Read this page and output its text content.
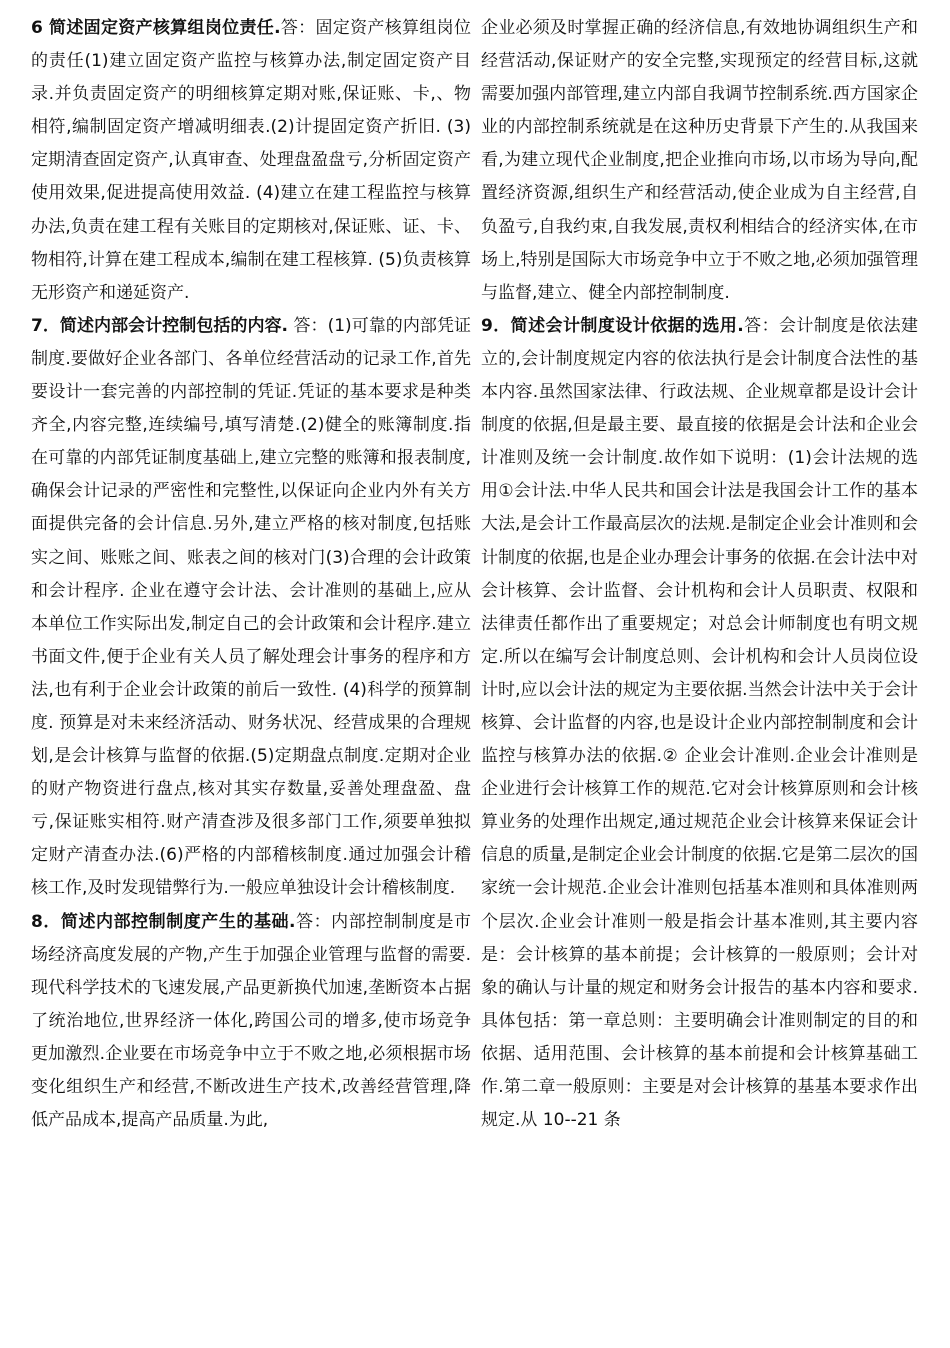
6 简述固定资产核算组岗位责任.答：固定资产核算组岗位的责任(1)建立固定资产监控与核算办法,制定固定资产目录.并负责固定资产的明细核算定期对账,保证账、卡,、物相符,编制固定资产增减明细表.(2)计提固定资产折旧. (3)定期清查固定资产,认真审查、处理盘盈盘亏,分析固定资产使用效果,促进提高使用效益. (4)建立在建工程监控与核算办法,负责在建工程有关账目的定期核对,保证账、证、卡、物相符,计算在建工程成本,编制在建工程核算. (5)负责核算无形资产和递延资产.

7．简述内部会计控制包括的内容. 答：(1)可靠的内部凭证制度.要做好企业各部门、各单位经营活动的记录工作,首先要设计一套完善的内部控制的凭证.凭证的基本要求是种类齐全,内容完整,连续编号,填写清楚.(2)健全的账簿制度.指在可靠的内部凭证制度基础上,建立完整的账簿和报表制度,确保会计记录的严密性和完整性,以保证向企业内外有关方面提供完备的会计信息.另外,建立严格的核对制度,包括账实之间、账账之间、账表之间的核对门(3)合理的会计政策和会计程序. 企业在遵守会计法、会计准则的基础上,应从本单位工作实际出发,制定自己的会计政策和会计程序.建立书面文件,便于企业有关人员了解处理会计事务的程序和方法,也有利于企业会计政策的前后一致性. (4)科学的预算制度. 预算是对未来经济活动、财务状况、经营成果的合理规划,是会计核算与监督的依据.(5)定期盘点制度.定期对企业的财产物资进行盘点,核对其实存数量,妥善处理盘盈、盘亏,保证账实相符.财产清查涉及很多部门工作,须要单独拟定财产清查办法.(6)严格的内部稽核制度.通过加强会计稽核工作,及时发现错弊行为.一般应单独设计会计稽核制度.

8．简述内部控制制度产生的基础.答：内部控制制度是市场经济高度发展的产物,产生于加强企业管理与监督的需要.现代科学技术的飞速发展,产品更新换代加速,垄断资本占据了统治地位,世界经济一体化,跨国公司的增多,使市场竞争更加激烈.企业要在市场竞争中立于不败之地,必须根据市场变化组织生产和经营,不断改进生产技术,改善经营管理,降低产品成本,提高产品质量.为此,

企业必须及时掌握正确的经济信息,有效地协调组织生产和经营活动,保证财产的安全完整,实现预定的经营目标,这就需要加强内部管理,建立内部自我调节控制系统.西方国家企业的内部控制系统就是在这种历史背景下产生的.从我国来看,为建立现代企业制度,把企业推向市场,以市场为导向,配置经济资源,组织生产和经营活动,使企业成为自主经营,自负盈亏,自我约束,自我发展,责权利相结合的经济实体,在市场上,特别是国际大市场竞争中立于不败之地,必须加强管理与监督,建立、健全内部控制制度.

9．简述会计制度设计依据的选用.答：会计制度是依法建立的,会计制度规定内容的依法执行是会计制度合法性的基本内容.虽然国家法律、行政法规、企业规章都是设计会计制度的依据,但是最主要、最直接的依据是会计法和企业会计准则及统一会计制度.故作如下说明：(1)会计法规的选用①会计法.中华人民共和国会计法是我国会计工作的基本大法,是会计工作最高层次的法规.是制定企业会计准则和会计制度的依据,也是企业办理会计事务的依据.在会计法中对会计核算、会计监督、会计机构和会计人员职责、权限和法律责任都作出了重要规定；对总会计师制度也有明文规定.所以在编写会计制度总则、会计机构和会计人员岗位设计时,应以会计法的规定为主要依据.当然会计法中关于会计核算、会计监督的内容,也是设计企业内部控制制度和会计监控与核算办法的依据.② 企业会计准则.企业会计准则是企业进行会计核算工作的规范.它对会计核算原则和会计核算业务的处理作出规定,通过规范企业会计核算来保证会计信息的质量,是制定企业会计制度的依据.它是第二层次的国家统一会计规范.企业会计准则包括基本准则和具体准则两个层次.企业会计准则一般是指会计基本准则,其主要内容是：会计核算的基本前提；会计核算的一般原则；会计对象的确认与计量的规定和财务会计报告的基本内容和要求.具体包括：第一章总则：主要明确会计准则制定的目的和依据、适用范围、会计核算的基本前提和会计核算基础工作.第二章一般原则：主要是对会计核算的基基本要求作出规定.从 10--21 条
